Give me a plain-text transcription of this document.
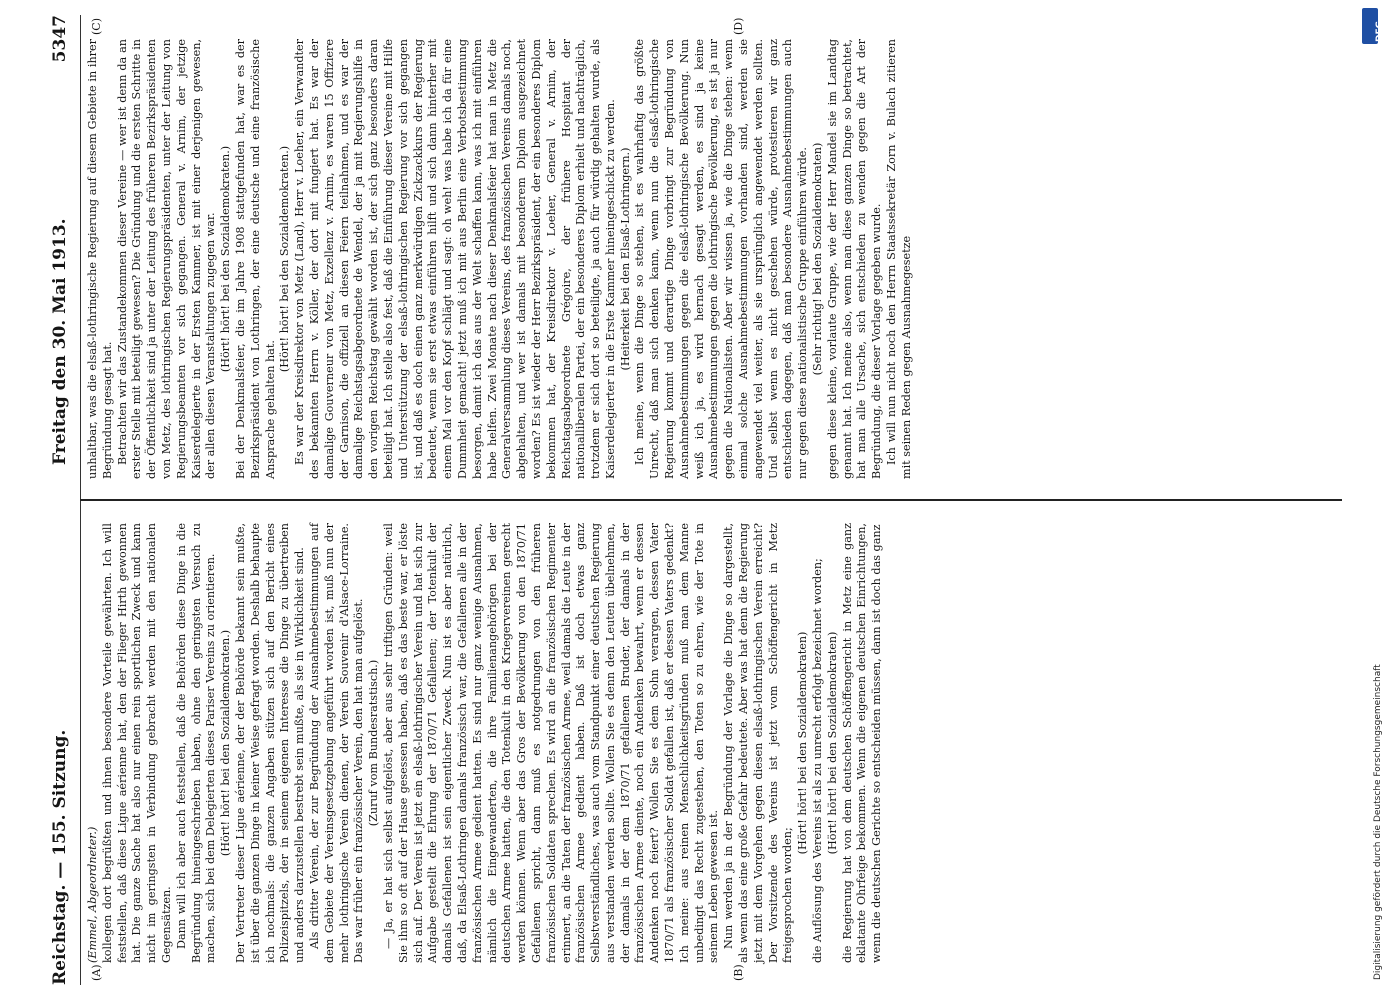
Reichstag. — 155. Sitzung.
Freitag den 30. Mai 1913.
5347
(A)	(B)
(C)	(D)

(Emmel, Abgeordneter.) kollegen dort begrüßten und ihnen besondere Vorteile gewährten. Ich will feststellen, daß diese Ligue aérienne hat, den der Flieger Hirth gewonnen hat. Die ganze Sache hat also nur einen rein sportlichen Zweck und kann nicht im geringsten in Verbindung gebracht werden mit den nationalen Gegensätzen. Dann will ich aber auch feststellen, daß die Behörden diese Dinge in die Begründung hineingeschrieben haben, ohne den geringsten Versuch zu machen, sich bei dem Delegierten dieses Pariser Vereins zu orientieren. (Hört! hört! bei den Sozialdemokraten.) Der Vertreter dieser Ligue aérienne, der der Behörde bekannt sein mußte, ist über die ganzen Dinge in keiner Weise gefragt worden. Deshalb behaupte ich nochmals: die ganzen Angaben stützen sich auf den Bericht eines Polizeispitzels, der in seinem eigenen Interesse die Dinge zu übertreiben und anders darzustellen bestrebt sein mußte, als sie in Wirklichkeit sind. Als dritter Verein, der zur Begründung der Ausnahmebestimmungen auf dem Gebiete der Vereinsgesetzgebung angeführt worden ist, muß nun der mehr lothringische Verein dienen, der Verein Souvenir d'Alsace-Lorraine. Das war früher ein französischer Verein, den hat man aufgelöst. (Zuruf vom Bundesratstisch.) — Ja, er hat sich selbst aufgelöst, aber aus sehr triftigen Gründen: weil Sie ihm so oft auf der Hause gesessen haben, daß es das beste war, er löste sich auf. Der Verein ist jetzt ein elsaß-lothringischer Verein und hat sich zur Aufgabe gestellt die Ehrung der 1870/71 Gefallenen; der Totenkult der damals Gefallenen ist sein eigentlicher Zweck. Nun ist es aber natürlich, daß, da Elsaß-Lothringen damals französisch war, die Gefallenen alle in der französischen Armee gedient hatten. Es sind nur ganz wenige Ausnahmen, nämlich die Eingewanderten, die ihre Familienangehörigen bei der deutschen Armee hatten, die den Totenkult in den Kriegervereinen gerecht werden können. Wenn aber das Gros der Bevölkerung von den 1870/71 Gefallenen spricht, dann muß es notgedrungen von den früheren französischen Soldaten sprechen. Es wird an die französischen Regimenter erinnert, an die Taten der französischen Armee, weil damals die Leute in der französischen Armee gedient haben. Daß ist doch etwas ganz Selbstverständliches, was auch vom Standpunkt einer deutschen Regierung aus verstanden werden sollte. Wollen Sie es denn den Leuten übelnehmen, der damals in der dem 1870/71 gefallenen Bruder, der damals in der französischen Armee diente, noch ein Andenken bewahrt, wenn er dessen Andenken noch feiert? Wollen Sie es dem Sohn verargen, dessen Vater 1870/71 als französischer Soldat gefallen ist, daß er dessen Vaters gedenkt? Ich meine: aus reinen Menschlichkeitsgründen muß man dem Manne unbedingt das Recht zugestehen, den Toten so zu ehren, wie der Tote in seinem Leben gewesen ist. Nun werden ja in der Begründung der Vorlage die Dinge so dargestellt, als wenn das eine große Gefahr bedeutete. Aber was hat denn die Regierung jetzt mit dem Vorgehen gegen diesen elsaß-lothringischen Verein erreicht? Der Vorsitzende des Vereins ist jetzt vom Schöffengericht in Metz freigesprochen worden;

(Hört! hört! bei den Sozialdemokraten) die Auflösung des Vereins ist als zu unrecht erfolgt bezeichnet worden; (Hört! hört! bei den Sozialdemokraten) die Regierung hat von dem deutschen Schöffengericht in Metz eine ganz eklatante Ohrfeige bekommen. Wenn die eigenen deutschen Einrichtungen, wenn die deutschen Gerichte so entscheiden müssen, dann ist doch das ganz

unhaltbar, was die elsaß-lothringische Regierung auf diesem Gebiete in ihrer Begründung gesagt hat. Betrachten wir das Zustandekommen dieser Vereine — wer ist denn da an erster Stelle mit beteiligt gewesen? Die Gründung und die ersten Schritte in der Öffentlichkeit sind ja unter der Leitung des früheren Bezirkspräsidenten von Metz, des lothringischen Regierungspräsidenten, unter der Leitung von Regierungsbeamten vor sich gegangen. General v. Arnim, der jetzige Kaiserdelegierte in der Ersten Kammer, ist mit einer derjenigen gewesen, der allen diesen Veranstaltungen zugegen war. (Hört! hört! bei den Sozialdemokraten.) Bei der Denkmalsfeier, die im Jahre 1908 stattgefunden hat, war es der Bezirkspräsident von Lothringen, der eine deutsche und eine französische Ansprache gehalten hat.

(Hört! hört! bei den Sozialdemokraten.) Es war der Kreisdirektor von Metz (Land), Herr v. Loeher, ein Verwandter des bekannten Herrn v. Köller, der dort mit fungiert hat. Es war der damalige Gouverneur von Metz, Exzellenz v. Arnim, es waren 15 Offiziere der Garnison, die offiziell an diesen Feiern teilnahmen, und es war der damalige Reichstagsabgeordnete de Wendel, der ja mit Regierungshilfe in den vorigen Reichstag gewählt worden ist, der sich ganz besonders daran beteiligt hat. Ich stelle also fest, daß die Einführung dieser Vereine mit Hilfe und Unterstützung der elsaß-lothringischen Regierung vor sich gegangen ist, und daß es doch einen ganz merkwürdigen Zickzackkurs der Regierung bedeutet, wenn sie erst etwas einführen hilft und sich dann hinterher mit einem Mal vor den Kopf schlägt und sagt: oh weh! was habe ich da für eine Dummheit gemacht! jetzt muß ich mit aus Berlin eine Verbotsbestimmung besorgen, damit ich das aus der Welt schaffen kann, was ich mit einführen habe helfen. Zwei Monate nach dieser Denkmalsfeier hat man in Metz die Generalversammlung dieses Vereins, des französischen Vereins damals noch, abgehalten, und wer ist damals mit besonderem Diplom ausgezeichnet worden? Es ist wieder der Herr Bezirkspräsident, der ein besonderes Diplom bekommen hat, der Kreisdirektor v. Loeher, General v. Arnim, der Reichstagsabgeordnete Grégoire, der frühere Hospitant der nationalliberalen Partei, der ein besonderes Diplom erhielt und nachträglich, trotzdem er sich dort so beteiligte, ja auch für würdig gehalten wurde, als Kaiserdelegierter in die Erste Kammer hineingeschickt zu werden. (Heiterkeit bei den Elsaß-Lothringern.) Ich meine, wenn die Dinge so stehen, ist es wahrhaftig das größte Unrecht, daß man sich denken kann, wenn nun die elsaß-lothringische Regierung kommt und derartige Dinge vorbringt zur Begründung von Ausnahmebestimmungen gegen die elsaß-lothringische Bevölkerung. Nun weiß ich ja, es wird hernach gesagt werden, es sind ja keine Ausnahmebestimmungen gegen die lothringische Bevölkerung, es ist ja nur gegen die Nationalisten. Aber wir wissen ja, wie die Dinge stehen: wenn einmal solche Ausnahmebestimmungen vorhanden sind, werden sie angewendet viel weiter, als sie ursprünglich angewendet werden sollten. Und selbst wenn es nicht geschehen würde, protestieren wir ganz entschieden dagegen, daß man besondere Ausnahmebestimmungen auch nur gegen diese nationalistische Gruppe einführen würde. (Sehr richtig! bei den Sozialdemokraten) gegen diese kleine, vorlaute Gruppe, wie der Herr Mandel sie im Landtag genannt hat. Ich meine also, wenn man diese ganzen Dinge so betrachtet, hat man alle Ursache, sich entschieden zu wenden gegen die Art der Begründung, die dieser Vorlage gegeben wurde. Ich will nun nicht noch den Herrn Staatssekretär Zorn v. Bulach zitieren mit seinen Reden gegen Ausnahmegesetze

DFG
Digitalisierung gefördert durch die Deutsche Forschungsgemeinschaft
